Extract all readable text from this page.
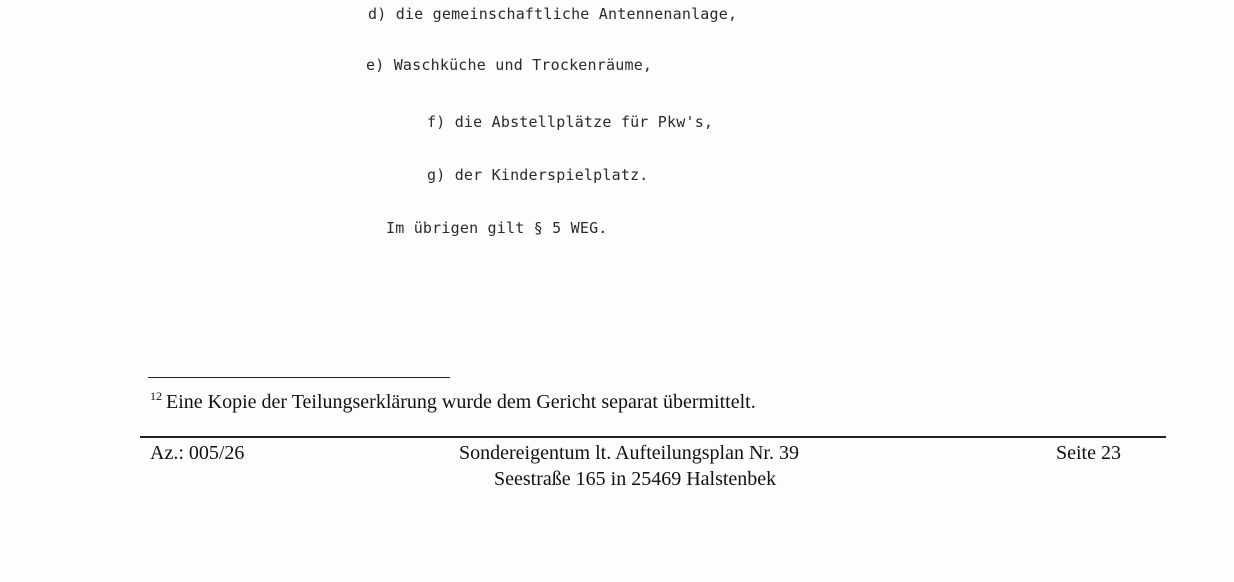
d) die gemeinschaftliche Antennenanlage,
e) Waschküche und Trockenräume,
f) die Abstellplätze für Pkw's,
g) der Kinderspielplatz.
Im übrigen gilt § 5 WEG.
$^{12}$ Eine Kopie der Teilungserklärung wurde dem Gericht separat übermittelt.
Az.: 005/26	Sondereigentum lt. Aufteilungsplan Nr. 39
Seestraße 165 in 25469 Halstenbek
Seite 23
